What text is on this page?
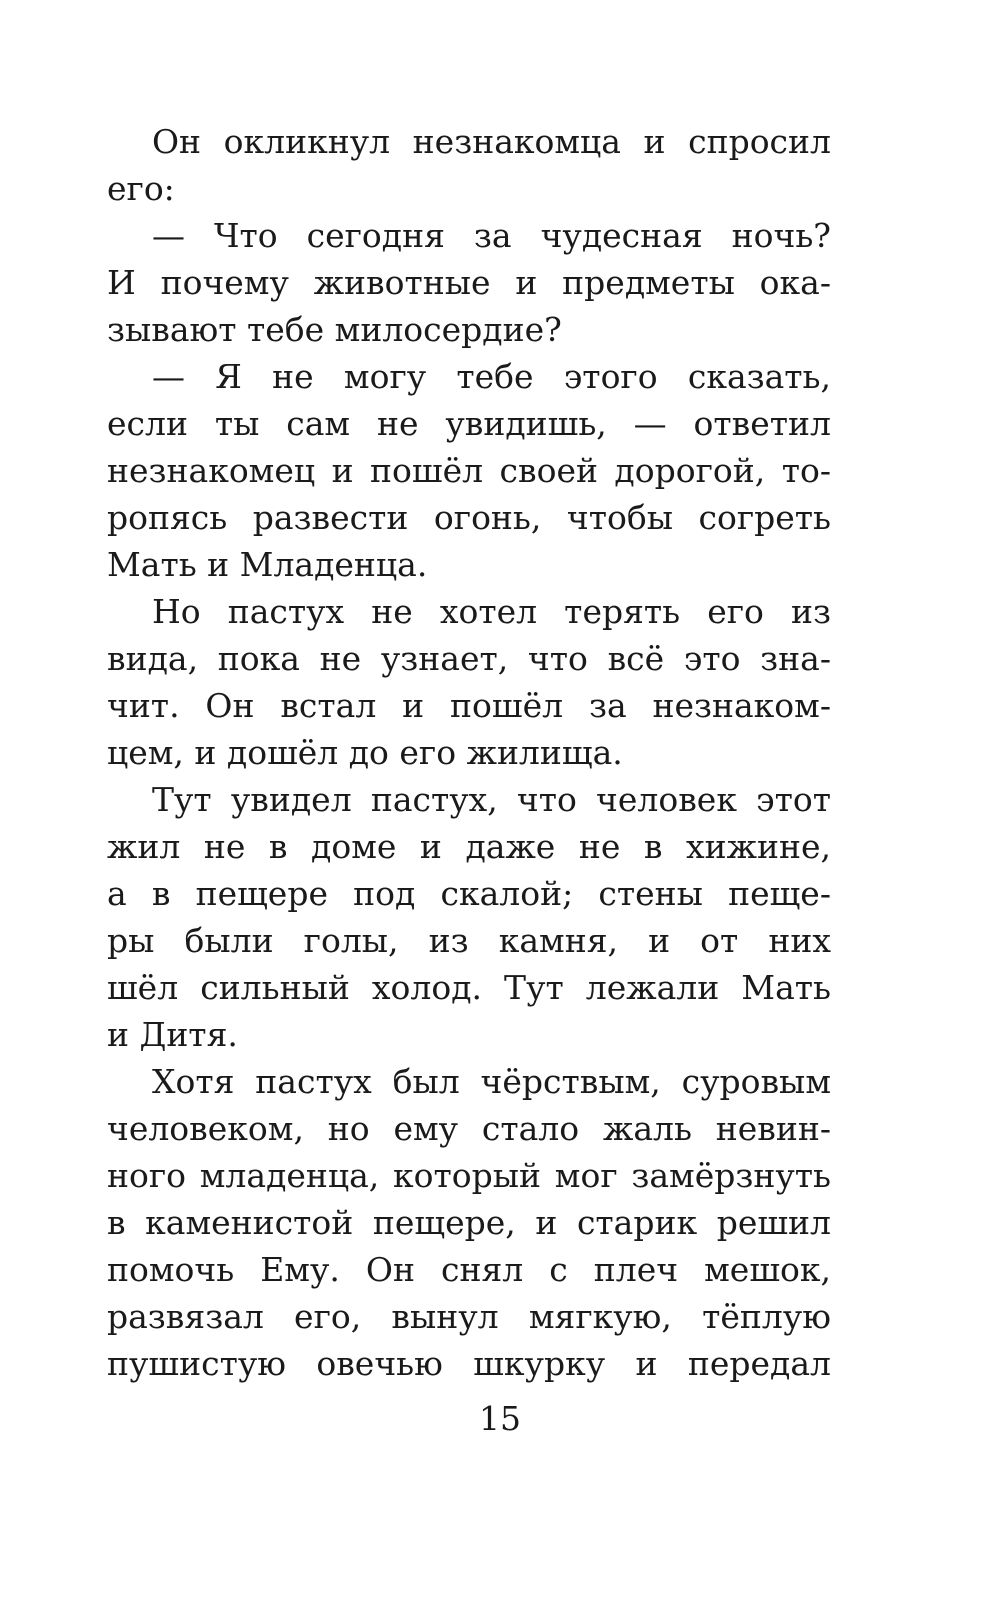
Он окликнул незнакомца и спросил
его:
— Что сегодня за чудесная ночь?
И почему животные и предметы ока-
зывают тебе милосердие?
— Я не могу тебе этого сказать,
если ты сам не увидишь, — ответил
незнакомец и пошёл своей дорогой, то-
ропясь развести огонь, чтобы согреть
Мать и Младенца.
Но пастух не хотел терять его из
вида, пока не узнает, что всё это зна-
чит. Он встал и пошёл за незнаком-
цем, и дошёл до его жилища.
Тут увидел пастух, что человек этот
жил не в доме и даже не в хижине,
а в пещере под скалой; стены пеще-
ры были голы, из камня, и от них
шёл сильный холод. Тут лежали Мать
и Дитя.
Хотя пастух был чёрствым, суровым
человеком, но ему стало жаль невин-
ного младенца, который мог замёрзнуть
в каменистой пещере, и старик решил
помочь Ему. Он снял с плеч мешок,
развязал его, вынул мягкую, тёплую
пушистую овечью шкурку и передал
15
